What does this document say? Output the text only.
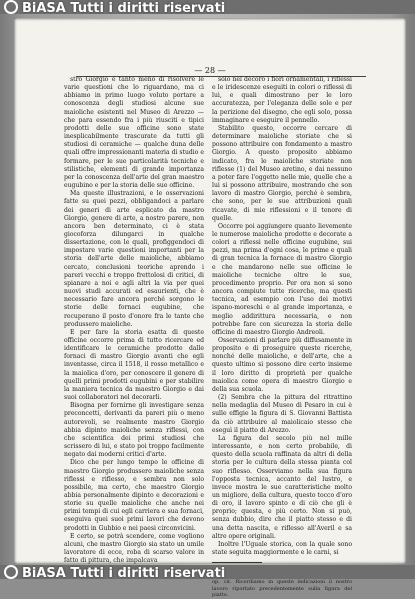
BiASA Tutti i diritti riservati
— 28 —

stro Giorgio e tanto meno di risolvere le varie questioni che lo riguardano, ma ci abbiamo in primo luogo voluto portare a conoscenza degli studiosi alcune sue maioliche esistenti nel Museo di Arezzo — che para essendo fra i più riusciti e tipici prodotti delle sue officine sono state inesplicabilmente trascurate da tutti gli studiosi di ceramiche — qualche duna delle quali offre impressionanti materia di studio e formare, per le sue particolarità tecniche e stilistiche, elementi di grande importanza per la conoscenza dell'arte del gran maestro eugubino e per la storia delle sue officine.

Ma queste illustrazioni, e le osservazioni fatte su quei pezzi, obbligandoci a parlare dei generi di arte esplicato da mastro Giorgio, genere di arte, a nostro parere, non ancora ben determinato, ci è stata giocoforza dilungarci in qualche dissertazione, con le quali, profiggendoci di impostare varie questioni importanti per la storia dell'arte delle maioliche, abbiamo cercato, conclusioni teoriche aprendo i pareri vecchi e troppo frettolosi di critici, di spianare a noi e agli altri la via per quei nuovi studi accurati ed esaurienti, che è necessario fare ancora perché sorgono le storie delle fornaci eugubine, che recuperano il posto d'onore fra le tante che produssero maioliche.

E per fare la storia esatta di queste officine occorre prima di tutto ricercare ed identificare le ceramiche prodotte dalle fornaci di mastro Giorgio avanti che egli inventasse, circa il 1518, il rosso metallico e la maiolica d'oro, per conoscere il genere di quelli primi prodotti eugubini e per stabilire la maniera tecnica da maestro Giorgio e dai suoi collaboratori nel decorarli.

Bisogna per fornirne gli investigare senza preconcetti, derivanti da pareri più o meno autorevoli, se realmente mastro Giorgio abbia dipinto maioliche senza riflessi, con che scientifica dei primi studiosi che scrissero di lui, e stato poi troppo facilmente negato dai moderni critici d'arte.

Dico che per lungo tempo le officine di maestro Giorgio produssero maioliche senza riflessi e riflesso, e sembra non solo possibile, ma certo, che maestro Giorgio abbia personalmente dipinto e decorazioni e storie su quelle maioliche che anche nei primi tempi di cui egli carriera e sua fornaci, eseguiva quei suoi primi lavori che devono prodotti in Gubbio e nei paesi circonvicini.

E certo, se potrà scendere, come vogliono alcuni, che mastro Giorgio sia stato un umile lavoratore di ecce, roba di scarso valore in fatto di pittura, che impalcava

solo nel decoro i fiori ornamentali, i riflessi e le iridescenze eseguiti in colori o riflessi di lui, e quali dimostrano per le loro accuratezza, per l'eleganza delle sole e per la perizione del disegno, che egli solo, possa immaginare e eseguire il pennello.

Stabilito questo, occorre cercare di determinare maioliche storiate che si possono attribuire con fondamento a mastro Giorgio. A questo proposito abbiamo indicato, fra le maioliche storiate non riflesse (1) del Museo aretino, e dai nessuno a poter fare l'oggetto nelle mie, quelle che a lui si possono attribuire, mostrando che son lavoro di mastro Giorgio, perché è sembra, che sono, per le sue attribuzioni quali ricavate, di mie riflessioni e il tenore di quelle.

Occorre poi aggiungere quanto lievemente le numerose maioliche prodotte e decorate a colori a riflessi nelle officine eugubine, sui pezzi, ma prima d'ogni cosa, le prime e quali di gran tecnica la fornace di mastro Giorgio e che mandarono nelle sue officine le maioliche tecniche oltre le sue, procedimento proprio. Per ora non si sono ancora compiute tutte ricerche, ma questi tecnica, ad esempio con l'uso dei motivi ispano-moreschi e al grande importanza, e meglio addirittura necessaria, e non potrebbe fare con sicurezza la storia delle officine di maestro Giorgio Andreoli.

Osservazioni di parlare più diffusamente in proposito e di proseguire queste ricerche, nonché delle maioliche, e dell'arte, che a questo ultimo si possono dire certo insieme il loro diritto di proprietà per qualche maiolica come opera di maestro Giorgio e della sua scuola.

(2) Sembra che la pittura del ritrattino nella medaglia del Museo di Pesaro in cui è sulle effigie la figura di S. Giovanni Battista da ciò attribuire al maiolicaio stesso che eseguì il piatto di Arezzo.

La figura del secolo più nel mille interessante, e non certo probabile, di questo della scuola raffinata da altri di della storia per le cultura della stessa pianta col suo riflesso. Osserviamo nella sua figura l'opposta tecnica, accanto del lustro, e invece mostra le sue caratteristiche molto un migliore, della cultura, questo tocco d'oro di oro, il lavoro spinto e di ciò che gli è proprio; questa, e più certo. Non si può, senza dubbio, dire che il piatto stesso e di una detta nascita, e riflesso all'Averil e sa altre opere originali.

Inoltre l'Uguale storica, con la quale sono state seguita maggiormente e le carni, si

op. cit. Ricordiamo in queste indicazioni il nostro lavoro riportato precedentemente sulla figura del piatto.
BiASA Tutti i diritti riservati
